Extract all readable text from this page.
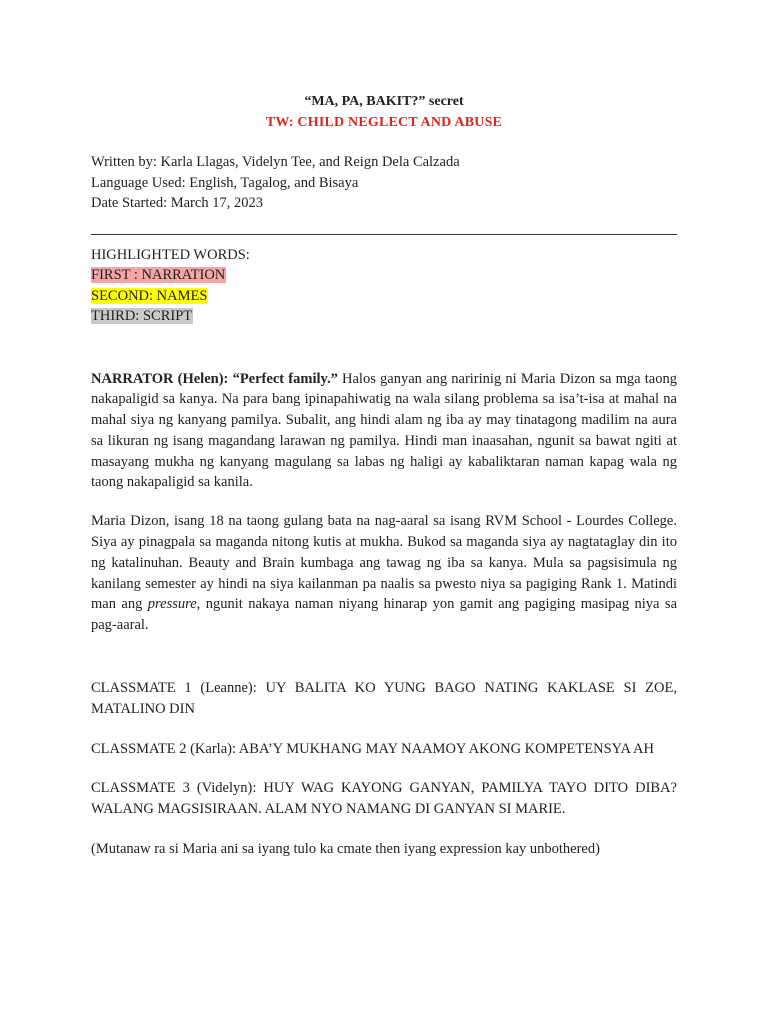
“MA, PA, BAKIT?” secret

TW: CHILD NEGLECT AND ABUSE

Written by: Karla Llagas, Videlyn Tee, and Reign Dela Calzada
Language Used: English, Tagalog, and Bisaya
Date Started: March 17, 2023
HIGHLIGHTED WORDS:
FIRST : NARRATION
SECOND: NAMES
THIRD: SCRIPT

NARRATOR (Helen): “Perfect family.” Halos ganyan ang naririnig ni Maria Dizon sa mga taong nakapaligid sa kanya. Na para bang ipinapahiwatig na wala silang problema sa isa’t-isa at mahal na mahal siya ng kanyang pamilya. Subalit, ang hindi alam ng iba ay may tinatagong madilim na aura sa likuran ng isang magandang larawan ng pamilya. Hindi man inaasahan, ngunit sa bawat ngiti at masayang mukha ng kanyang magulang sa labas ng haligi ay kabaliktaran naman kapag wala ng taong nakapaligid sa kanila.

Maria Dizon, isang 18 na taong gulang bata na nag-aaral sa isang RVM School - Lourdes College. Siya ay pinagpala sa maganda nitong kutis at mukha. Bukod sa maganda siya ay nagtataglay din ito ng katalinuhan. Beauty and Brain kumbaga ang tawag ng iba sa kanya. Mula sa pagsisimula ng kanilang semester ay hindi na siya kailanman pa naalis sa pwesto niya sa pagiging Rank 1. Matindi man ang pressure, ngunit nakaya naman niyang hinarap yon gamit ang pagiging masipag niya sa pag-aaral.

CLASSMATE 1 (Leanne): UY BALITA KO YUNG BAGO NATING KAKLASE SI ZOE, MATALINO DIN

CLASSMATE 2 (Karla): ABA’Y MUKHANG MAY NAAMOY AKONG KOMPETENSYA AH

CLASSMATE 3 (Videlyn): HUY WAG KAYONG GANYAN, PAMILYA TAYO DITO DIBA? WALANG MAGSISIRAAN. ALAM NYO NAMANG DI GANYAN SI MARIE.

(Mutanaw ra si Maria ani sa iyang tulo ka cmate then iyang expression kay unbothered)
